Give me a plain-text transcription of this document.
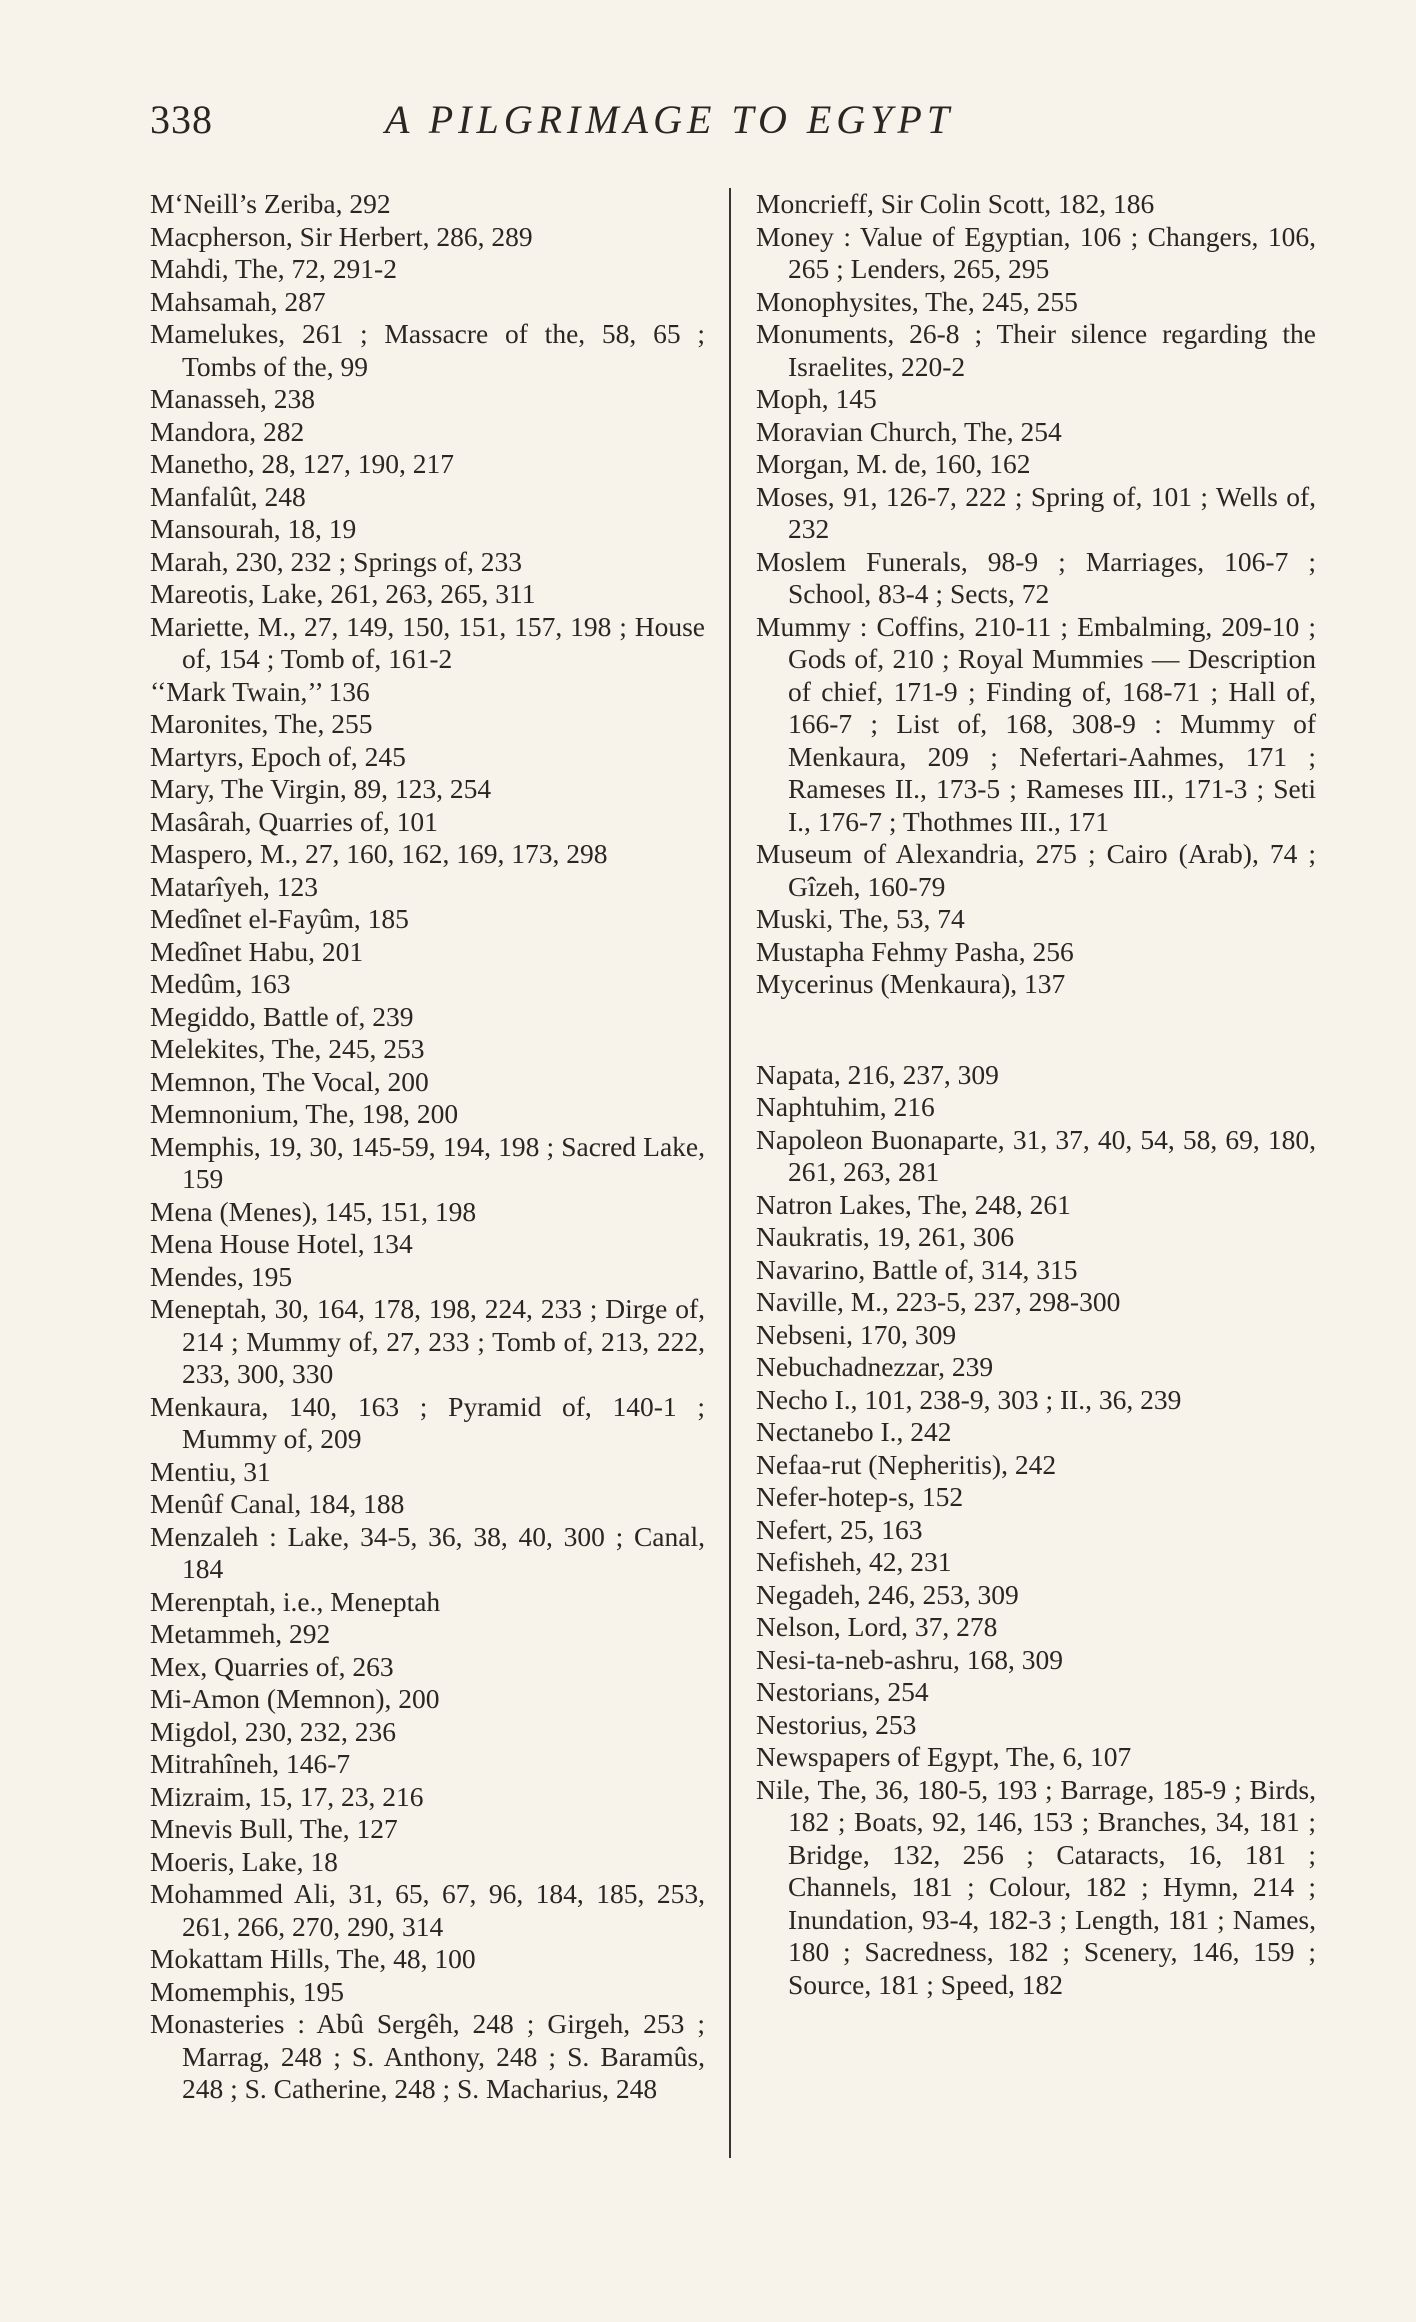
338	A PILGRIMAGE TO EGYPT
M‘Neill’s Zeriba, 292
Macpherson, Sir Herbert, 286, 289
Mahdi, The, 72, 291-2
Mahsamah, 287
Mamelukes, 261 ; Massacre of the, 58, 65 ; Tombs of the, 99
Manasseh, 238
Mandora, 282
Manetho, 28, 127, 190, 217
Manfalût, 248
Mansourah, 18, 19
Marah, 230, 232 ; Springs of, 233
Mareotis, Lake, 261, 263, 265, 311
Mariette, M., 27, 149, 150, 151, 157, 198 ; House of, 154 ; Tomb of, 161-2
‘‘Mark Twain,’’ 136
Maronites, The, 255
Martyrs, Epoch of, 245
Mary, The Virgin, 89, 123, 254
Masârah, Quarries of, 101
Maspero, M., 27, 160, 162, 169, 173, 298
Matarîyeh, 123
Medînet el-Fayûm, 185
Medînet Habu, 201
Medûm, 163
Megiddo, Battle of, 239
Melekites, The, 245, 253
Memnon, The Vocal, 200
Memnonium, The, 198, 200
Memphis, 19, 30, 145-59, 194, 198 ; Sacred Lake, 159
Mena (Menes), 145, 151, 198
Mena House Hotel, 134
Mendes, 195
Meneptah, 30, 164, 178, 198, 224, 233 ; Dirge of, 214 ; Mummy of, 27, 233 ; Tomb of, 213, 222, 233, 300, 330
Menkaura, 140, 163 ; Pyramid of, 140-1 ; Mummy of, 209
Mentiu, 31
Menûf Canal, 184, 188
Menzaleh : Lake, 34-5, 36, 38, 40, 300 ; Canal, 184
Merenptah, i.e., Meneptah
Metammeh, 292
Mex, Quarries of, 263
Mi-Amon (Memnon), 200
Migdol, 230, 232, 236
Mitrahîneh, 146-7
Mizraim, 15, 17, 23, 216
Mnevis Bull, The, 127
Moeris, Lake, 18
Mohammed Ali, 31, 65, 67, 96, 184, 185, 253, 261, 266, 270, 290, 314
Mokattam Hills, The, 48, 100
Momemphis, 195
Monasteries : Abû Sergêh, 248 ; Girgeh, 253 ; Marrag, 248 ; S. Anthony, 248 ; S. Baramûs, 248 ; S. Catherine, 248 ; S. Macharius, 248
Moncrieff, Sir Colin Scott, 182, 186
Money : Value of Egyptian, 106 ; Changers, 106, 265 ; Lenders, 265, 295
Monophysites, The, 245, 255
Monuments, 26-8 ; Their silence regarding the Israelites, 220-2
Moph, 145
Moravian Church, The, 254
Morgan, M. de, 160, 162
Moses, 91, 126-7, 222 ; Spring of, 101 ; Wells of, 232
Moslem Funerals, 98-9 ; Marriages, 106-7 ; School, 83-4 ; Sects, 72
Mummy : Coffins, 210-11 ; Embalming, 209-10 ; Gods of, 210 ; Royal Mummies — Description of chief, 171-9 ; Finding of, 168-71 ; Hall of, 166-7 ; List of, 168, 308-9 : Mummy of Menkaura, 209 ; Nefertari-Aahmes, 171 ; Rameses II., 173-5 ; Rameses III., 171-3 ; Seti I., 176-7 ; Thothmes III., 171
Museum of Alexandria, 275 ; Cairo (Arab), 74 ; Gîzeh, 160-79
Muski, The, 53, 74
Mustapha Fehmy Pasha, 256
Mycerinus (Menkaura), 137
Napata, 216, 237, 309
Naphtuhim, 216
Napoleon Buonaparte, 31, 37, 40, 54, 58, 69, 180, 261, 263, 281
Natron Lakes, The, 248, 261
Naukratis, 19, 261, 306
Navarino, Battle of, 314, 315
Naville, M., 223-5, 237, 298-300
Nebseni, 170, 309
Nebuchadnezzar, 239
Necho I., 101, 238-9, 303 ; II., 36, 239
Nectanebo I., 242
Nefaa-rut (Nepheritis), 242
Nefer-hotep-s, 152
Nefert, 25, 163
Nefisheh, 42, 231
Negadeh, 246, 253, 309
Nelson, Lord, 37, 278
Nesi-ta-neb-ashru, 168, 309
Nestorians, 254
Nestorius, 253
Newspapers of Egypt, The, 6, 107
Nile, The, 36, 180-5, 193 ; Barrage, 185-9 ; Birds, 182 ; Boats, 92, 146, 153 ; Branches, 34, 181 ; Bridge, 132, 256 ; Cataracts, 16, 181 ; Channels, 181 ; Colour, 182 ; Hymn, 214 ; Inundation, 93-4, 182-3 ; Length, 181 ; Names, 180 ; Sacredness, 182 ; Scenery, 146, 159 ; Source, 181 ; Speed, 182
